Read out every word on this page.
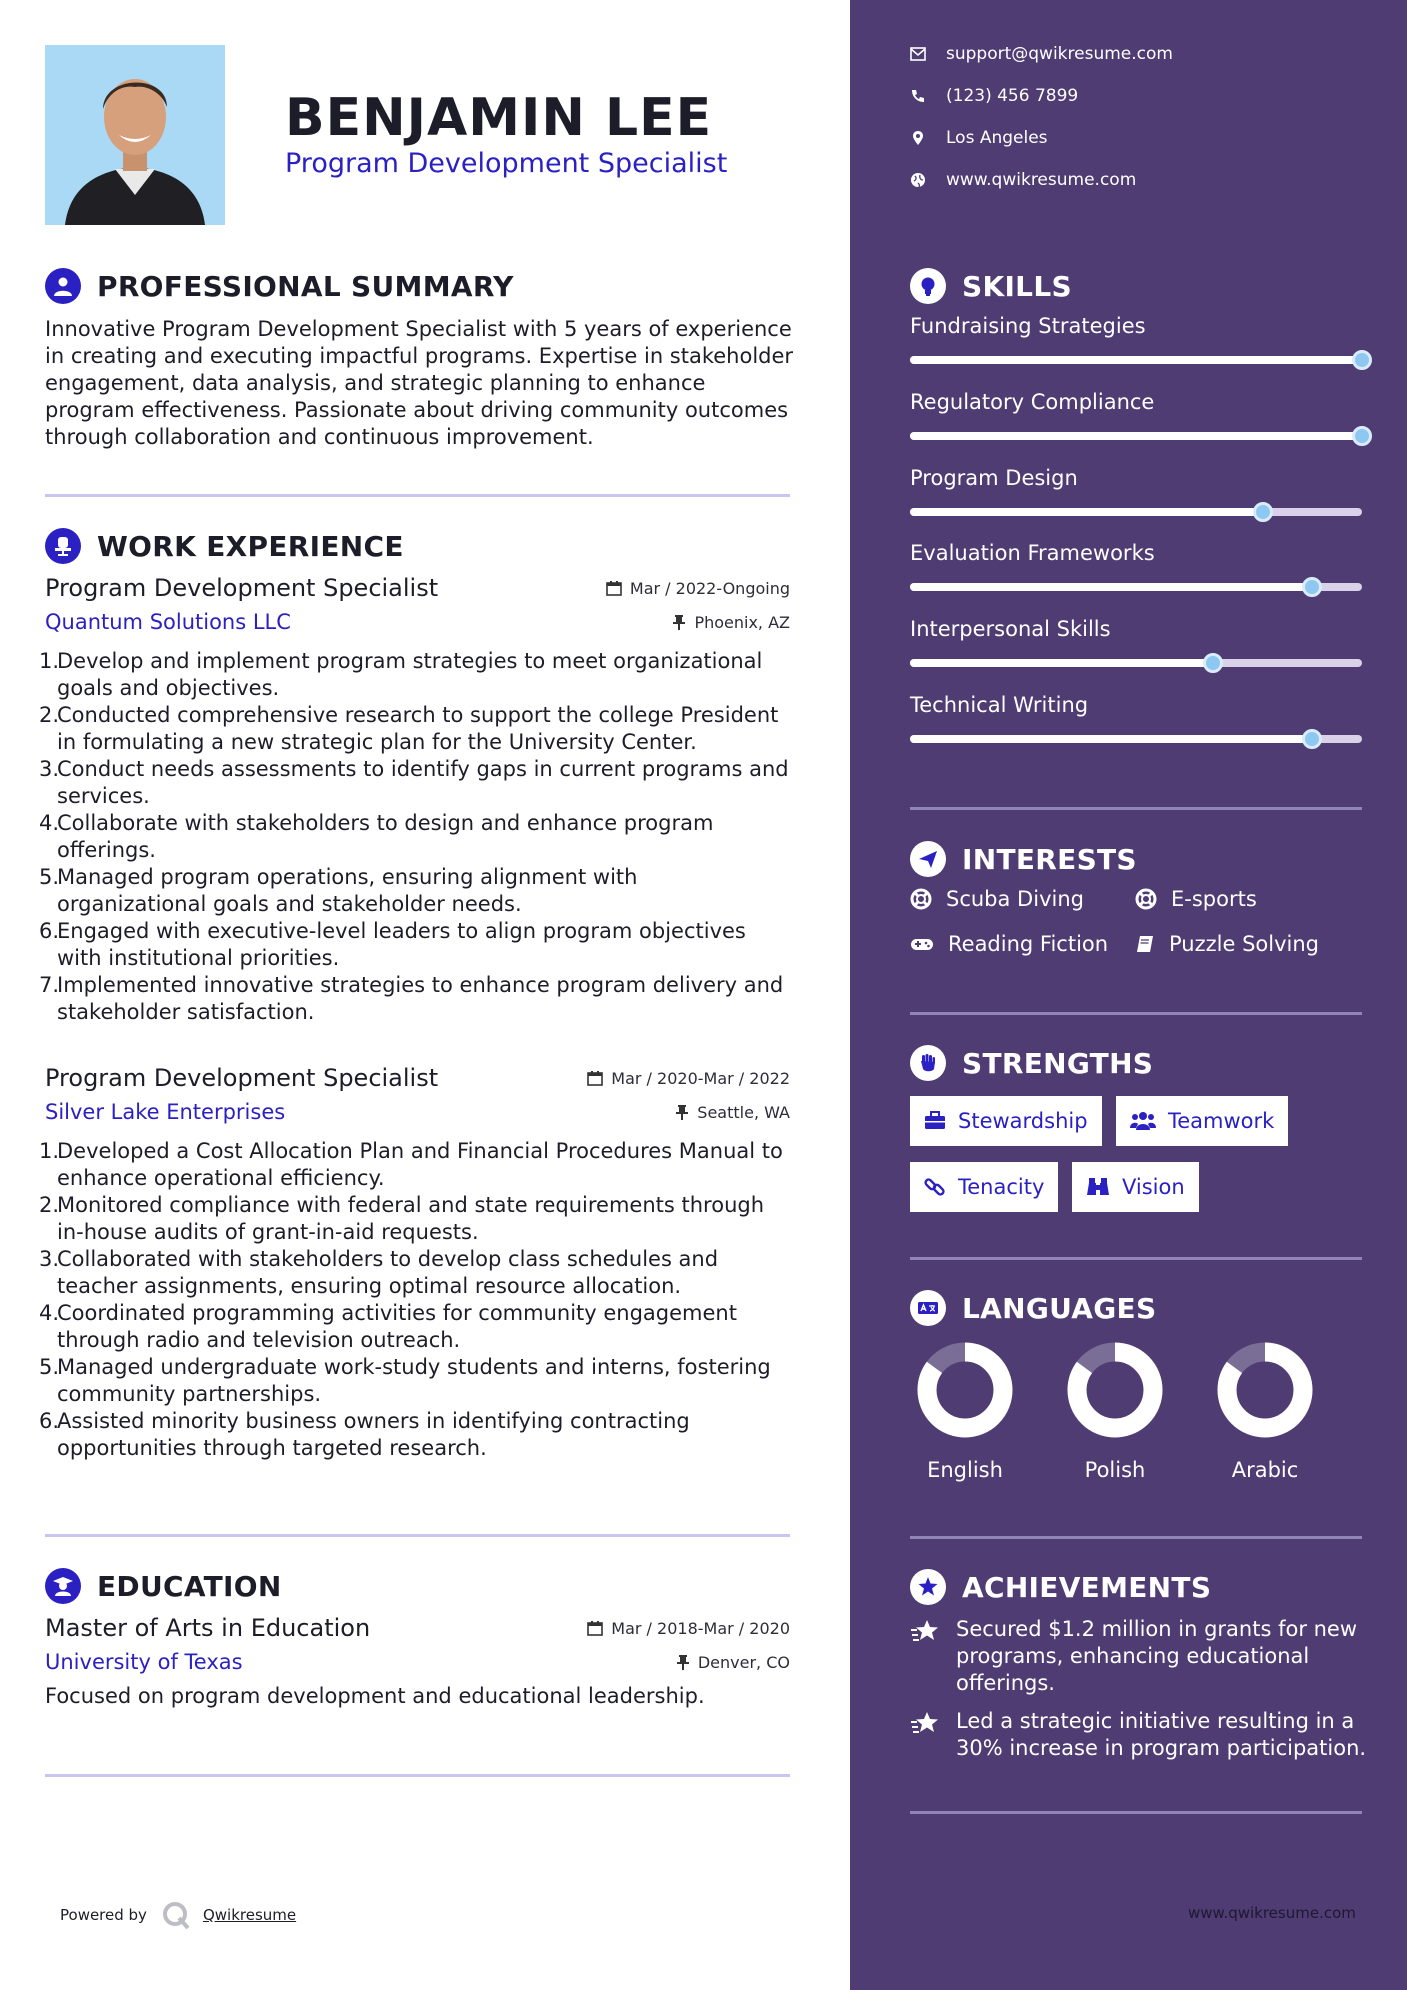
BENJAMIN LEE
Program Development Specialist
PROFESSIONAL SUMMARY
Innovative Program Development Specialist with 5 years of experience in creating and executing impactful programs. Expertise in stakeholder engagement, data analysis, and strategic planning to enhance program effectiveness. Passionate about driving community outcomes through collaboration and continuous improvement.
WORK EXPERIENCE
Program Development Specialist	Mar / 2022-Ongoing
Quantum Solutions LLC	Phoenix, AZ
1.
Develop and implement program strategies to meet organizational goals and objectives.
2.
Conducted comprehensive research to support the college President in formulating a new strategic plan for the University Center.
3.
Conduct needs assessments to identify gaps in current programs and services.
4.
Collaborate with stakeholders to design and enhance program offerings.
5.
Managed program operations, ensuring alignment with organizational goals and stakeholder needs.
6.
Engaged with executive-level leaders to align program objectives with institutional priorities.
7.
Implemented innovative strategies to enhance program delivery and stakeholder satisfaction.
Program Development Specialist	Mar / 2020-Mar / 2022
Silver Lake Enterprises	Seattle, WA
1.
Developed a Cost Allocation Plan and Financial Procedures Manual to enhance operational efficiency.
2.
Monitored compliance with federal and state requirements through in-house audits of grant-in-aid requests.
3.
Collaborated with stakeholders to develop class schedules and teacher assignments, ensuring optimal resource allocation.
4.
Coordinated programming activities for community engagement through radio and television outreach.
5.
Managed undergraduate work-study students and interns, fostering community partnerships.
6.
Assisted minority business owners in identifying contracting opportunities through targeted research.
EDUCATION
Master of Arts in Education	Mar / 2018-Mar / 2020
University of Texas	Denver, CO
Focused on program development and educational leadership.
Powered by	Qwikresume
support@qwikresume.com
(123) 456 7899
Los Angeles
www.qwikresume.com
SKILLS
Fundraising Strategies
Regulatory Compliance
Program Design
Evaluation Frameworks
Interpersonal Skills
Technical Writing
INTERESTS
Scuba Diving	E-sports
Reading Fiction	Puzzle Solving
STRENGTHS
Stewardship	Teamwork
Tenacity	Vision
LANGUAGES
English	Polish	Arabic
ACHIEVEMENTS
Secured $1.2 million in grants for new programs, enhancing educational offerings.
Led a strategic initiative resulting in a 30% increase in program participation.
www.qwikresume.com
